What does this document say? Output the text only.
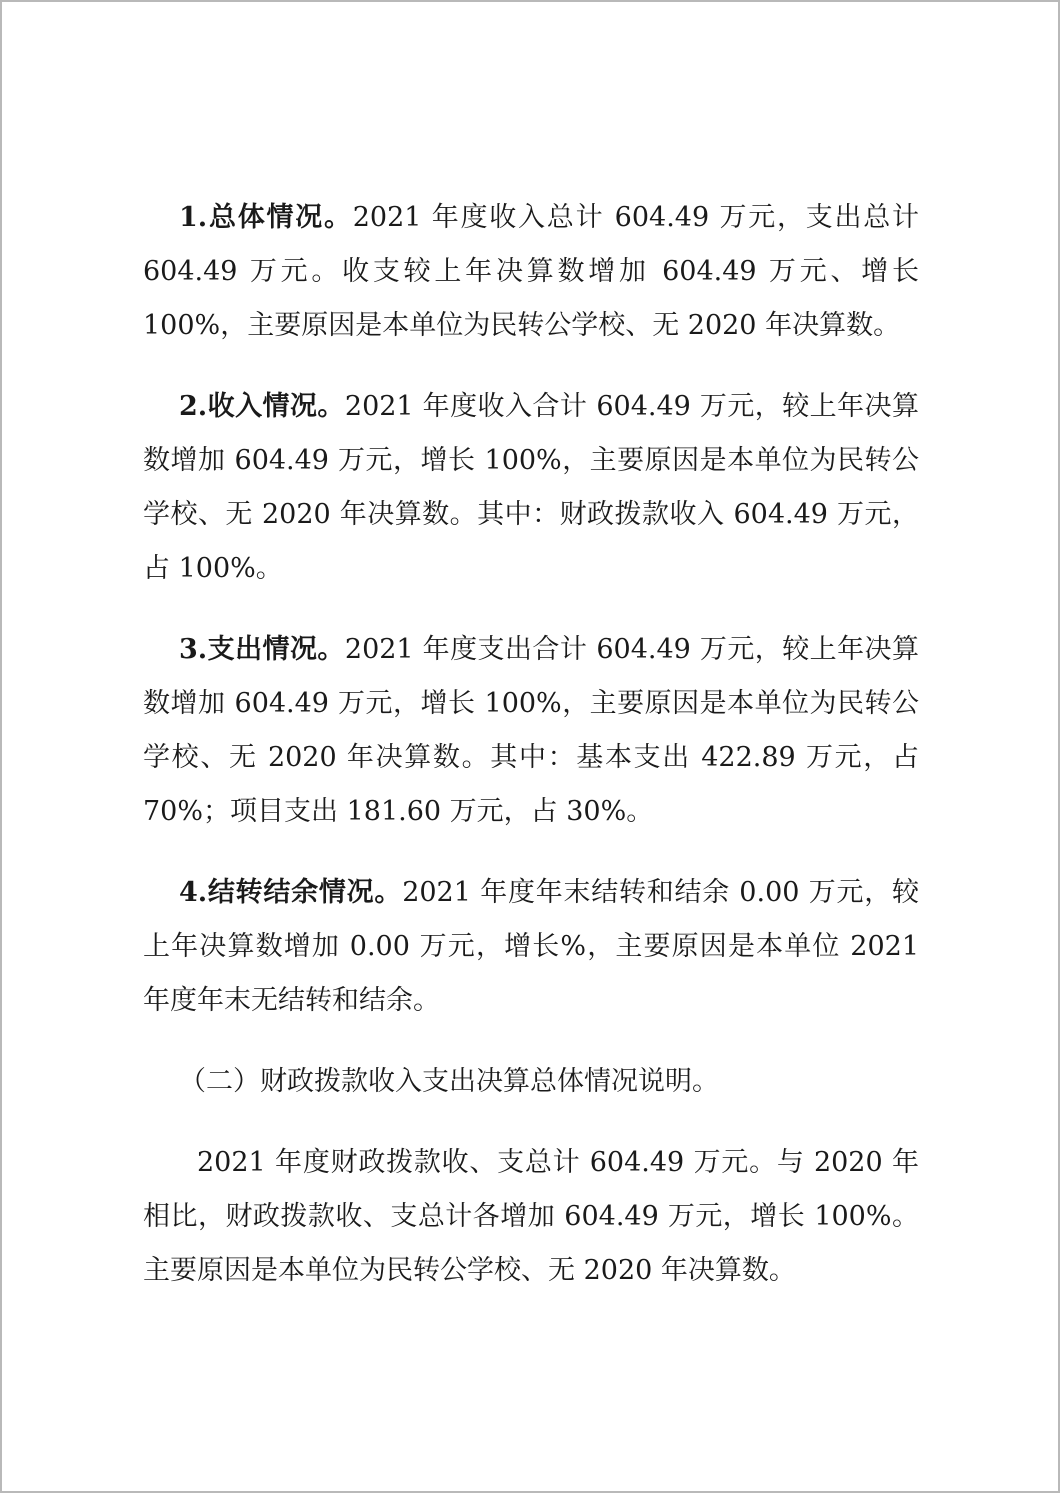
1.总体情况。2021 年度收入总计 604.49 万元，支出总计 604.49 万元。收支较上年决算数增加 604.49 万元、增长 100%，主要原因是本单位为民转公学校、无 2020 年决算数。

2.收入情况。2021 年度收入合计 604.49 万元，较上年决算数增加 604.49 万元，增长 100%，主要原因是本单位为民转公学校、无 2020 年决算数。其中：财政拨款收入 604.49 万元，占 100%。

3.支出情况。2021 年度支出合计 604.49 万元，较上年决算数增加 604.49 万元，增长 100%，主要原因是本单位为民转公学校、无 2020 年决算数。其中：基本支出 422.89 万元，占 70%；项目支出 181.60 万元，占 30%。

4.结转结余情况。2021 年度年末结转和结余 0.00 万元，较上年决算数增加 0.00 万元，增长%，主要原因是本单位 2021 年度年末无结转和结余。

（二）财政拨款收入支出决算总体情况说明。

2021 年度财政拨款收、支总计 604.49 万元。与 2020 年相比，财政拨款收、支总计各增加 604.49 万元，增长 100%。主要原因是本单位为民转公学校、无 2020 年决算数。
